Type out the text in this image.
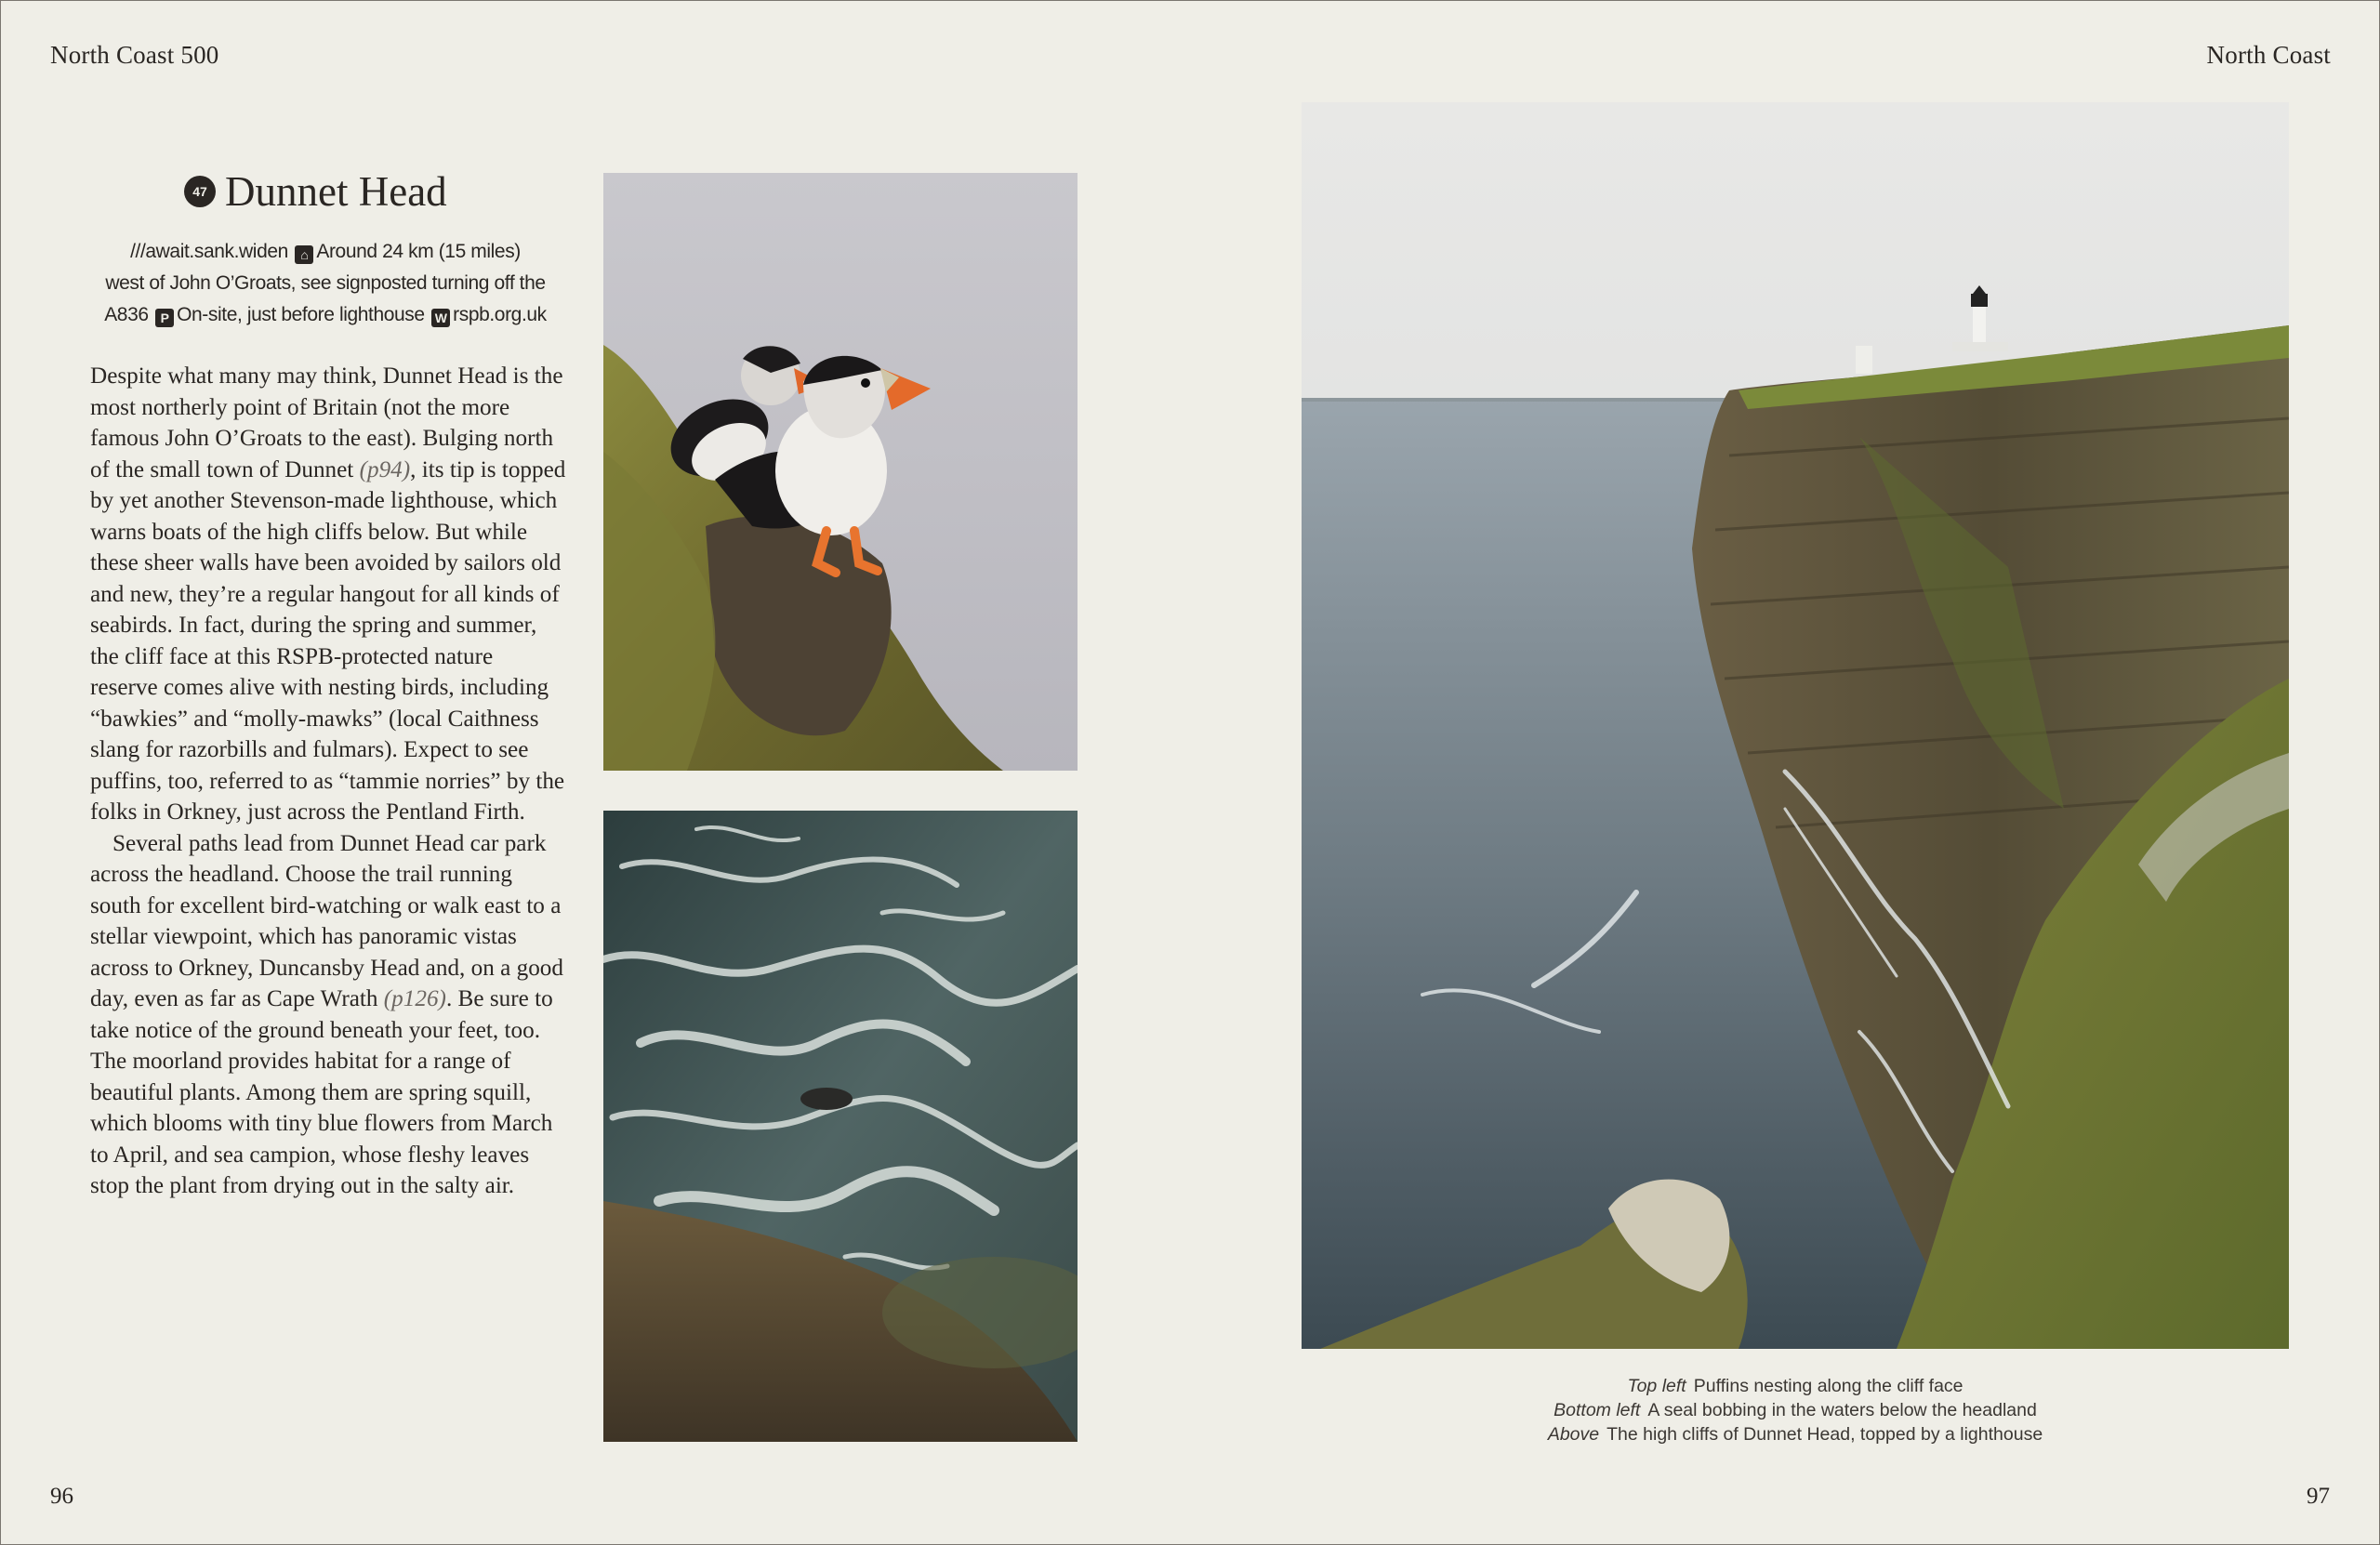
North Coast 500	North Coast
47 Dunnet Head
///await.sank.widen ⌂ Around 24 km (15 miles)
west of John O’Groats, see signposted turning off the
A836 P On-site, just before lighthouse W rspb.org.uk

Despite what many may think, Dunnet Head is the most northerly point of Britain (not the more famous John O’Groats to the east). Bulging north of the small town of Dunnet (p94), its tip is topped by yet another Stevenson-made lighthouse, which warns boats of the high cliffs below. But while these sheer walls have been avoided by sailors old and new, they’re a regular hangout for all kinds of seabirds. In fact, during the spring and summer, the cliff face at this RSPB-protected nature reserve comes alive with nesting birds, including “bawkies” and “molly-mawks” (local Caithness slang for razorbills and fulmars). Expect to see puffins, too, referred to as “tammie norries” by the folks in Orkney, just across the Pentland Firth.

Several paths lead from Dunnet Head car park across the headland. Choose the trail running south for excellent bird-watching or walk east to a stellar viewpoint, which has panoramic vistas across to Orkney, Duncansby Head and, on a good day, even as far as Cape Wrath (p126). Be sure to take notice of the ground beneath your feet, too. The moorland provides habitat for a range of beautiful plants. Among them are spring squill, which blooms with tiny blue flowers from March to April, and sea campion, whose fleshy leaves stop the plant from drying out in the salty air.

Top left Puffins nesting along the cliff face
Bottom left A seal bobbing in the waters below the headland
Above The high cliffs of Dunnet Head, topped by a lighthouse
96	97
